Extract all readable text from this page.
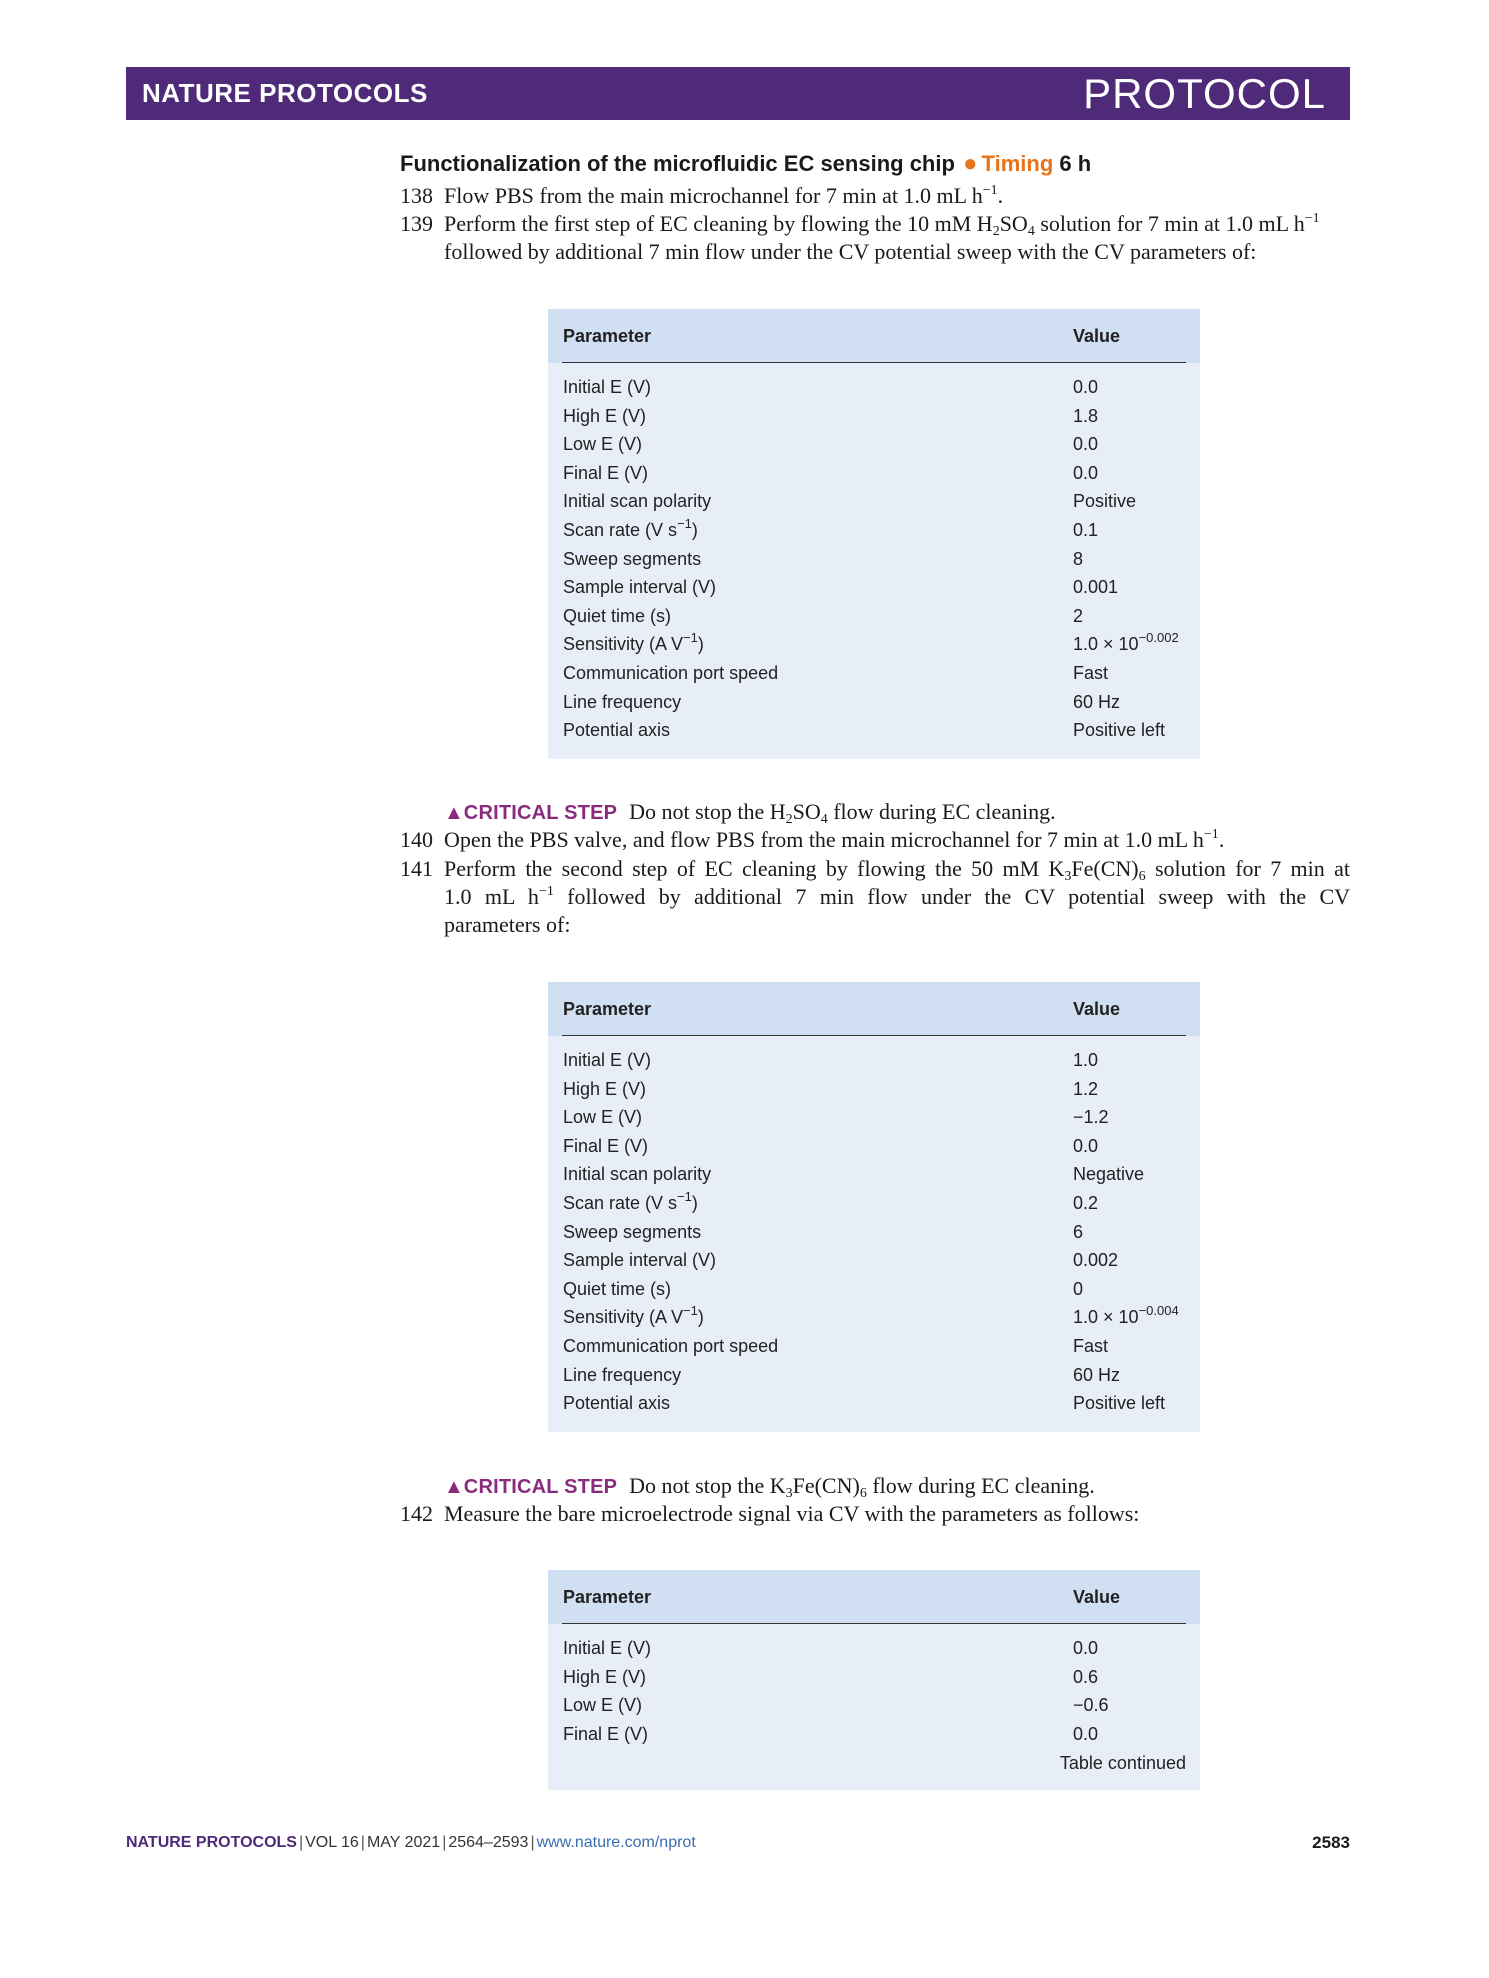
NATURE PROTOCOLS	PROTOCOL
Functionalization of the microfluidic EC sensing chip ● Timing 6 h
138 Flow PBS from the main microchannel for 7 min at 1.0 mL $h^{-1}$.
139 Perform the first step of EC cleaning by flowing the 10 mM $H_2SO_4$ solution for 7 min at 1.0 mL $h^{-1}$
followed by additional 7 min flow under the CV potential sweep with the CV parameters of:
Parameter	Value
Initial E (V)	0.0
High E (V)	1.8
Low E (V)	0.0
Final E (V)	0.0
Initial scan polarity	Positive
Scan rate (V $s^{-1}$)	0.1
Sweep segments	8
Sample interval (V)	0.001
Quiet time (s)	2
Sensitivity (A $V^{-1}$)	$1.0 \times 10^{-0.002}$
Communication port speed	Fast
Line frequency	60 Hz
Potential axis	Positive left
▲CRITICAL STEP Do not stop the $H_2SO_4$ flow during EC cleaning.
140 Open the PBS valve, and flow PBS from the main microchannel for 7 min at 1.0 mL $h^{-1}$.
141 Perform the second step of EC cleaning by flowing the 50 mM $K_3Fe(CN)_6$ solution for 7 min at
1.0 mL $h^{-1}$ followed by additional 7 min flow under the CV potential sweep with the CV
parameters of:
Parameter	Value
Initial E (V)	1.0
High E (V)	1.2
Low E (V)	−1.2
Final E (V)	0.0
Initial scan polarity	Negative
Scan rate (V $s^{-1}$)	0.2
Sweep segments	6
Sample interval (V)	0.002
Quiet time (s)	0
Sensitivity (A $V^{-1}$)	$1.0 \times 10^{-0.004}$
Communication port speed	Fast
Line frequency	60 Hz
Potential axis	Positive left
▲CRITICAL STEP Do not stop the $K_3Fe(CN)_6$ flow during EC cleaning.
142 Measure the bare microelectrode signal via CV with the parameters as follows:
Parameter	Value
Initial E (V)	0.0
High E (V)	0.6
Low E (V)	−0.6
Final E (V)	0.0
Table continued
NATURE PROTOCOLS | VOL 16 | MAY 2021 | 2564–2593 | www.nature.com/nprot	2583
